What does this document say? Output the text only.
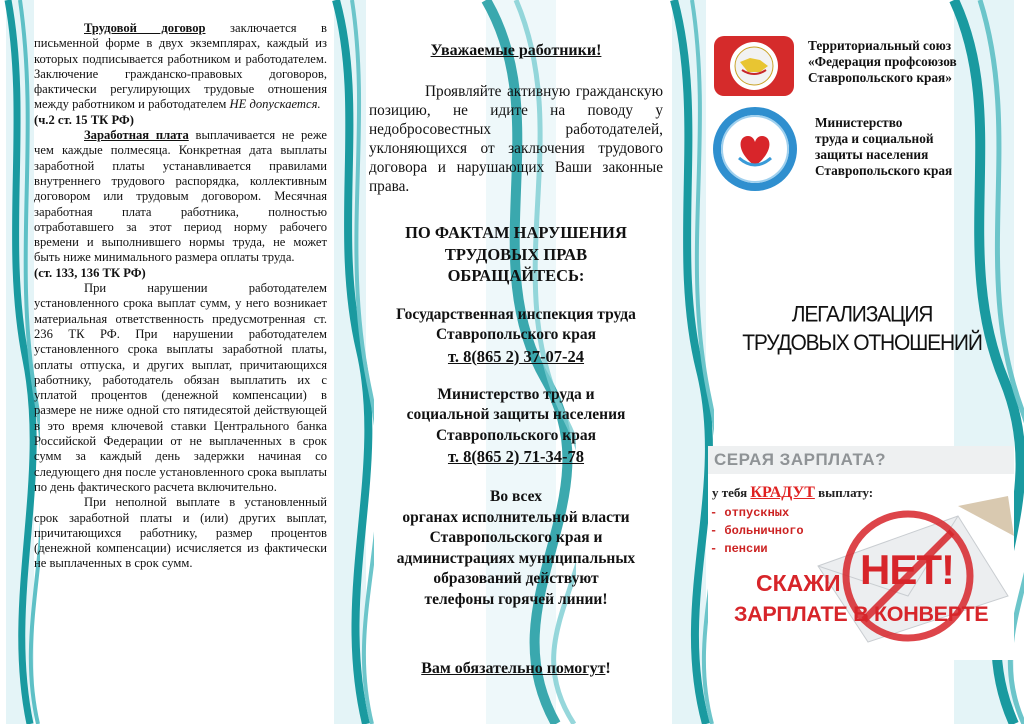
Трудовой договор заключается в письменной форме в двух экземплярах, каждый из которых подписывается работником и работодателем. Заключение гражданско-правовых договоров, фактически регулирующих трудовые отношения между работником и работодателем НЕ допускается.

(ч.2 ст. 15 ТК РФ)

Заработная плата выплачивается не реже чем каждые полмесяца. Конкретная дата выплаты заработной платы устанавливается правилами внутреннего трудового распорядка, коллективным договором или трудовым договором. Месячная заработная плата работника, полностью отработавшего за этот период норму рабочего времени и выполнившего нормы труда, не может быть ниже минимального размера оплаты труда.

(ст. 133, 136 ТК РФ)

При нарушении работодателем установленного срока выплат сумм, у него возникает материальная ответственность предусмотренная ст. 236 ТК РФ. При нарушении работодателем установленного срока выплаты заработной платы, оплаты отпуска, и других выплат, причитающихся работнику, работодатель обязан выплатить их с уплатой процентов (денежной компенсации) в размере не ниже одной сто пятидесятой действующей в это время ключевой ставки Центрального банка Российской Федерации от не выплаченных в срок сумм за каждый день задержки начиная со следующего дня после установленного срока выплаты по день фактического расчета включительно.

При неполной выплате в установленный срок заработной платы и (или) других выплат, причитающихся работнику, размер процентов (денежной компенсации) исчисляется из фактически не выплаченных в срок сумм.

Уважаемые работники!
Проявляйте активную гражданскую позицию, не идите на поводу у недобросовестных работодателей, уклоняющихся от заключения трудового договора и нарушающих Ваши законные права.
ПО ФАКТАМ НАРУШЕНИЯ
ТРУДОВЫХ ПРАВ
ОБРАЩАЙТЕСЬ:
Государственная инспекция труда
Ставропольского края
т. 8(865 2) 37-07-24
Министерство труда и
социальной защиты населения
Ставропольского края
т. 8(865 2) 71-34-78
Во всех
органах исполнительной власти
Ставропольского края и
администрациях муниципальных
образований действуют
телефоны горячей линии!
Вам обязательно помогут!
Территориальный союз
«Федерация профсоюзов
Ставропольского края»
Министерство
труда и социальной
защиты населения
Ставропольского края
ЛЕГАЛИЗАЦИЯ
ТРУДОВЫХ ОТНОШЕНИЙ
СЕРАЯ ЗАРПЛАТА?
у тебя КРАДУТ выплату:
- отпускных
- больничного
- пенсии
СКАЖИ НЕТ!
ЗАРПЛАТЕ В КОНВЕРТЕ
